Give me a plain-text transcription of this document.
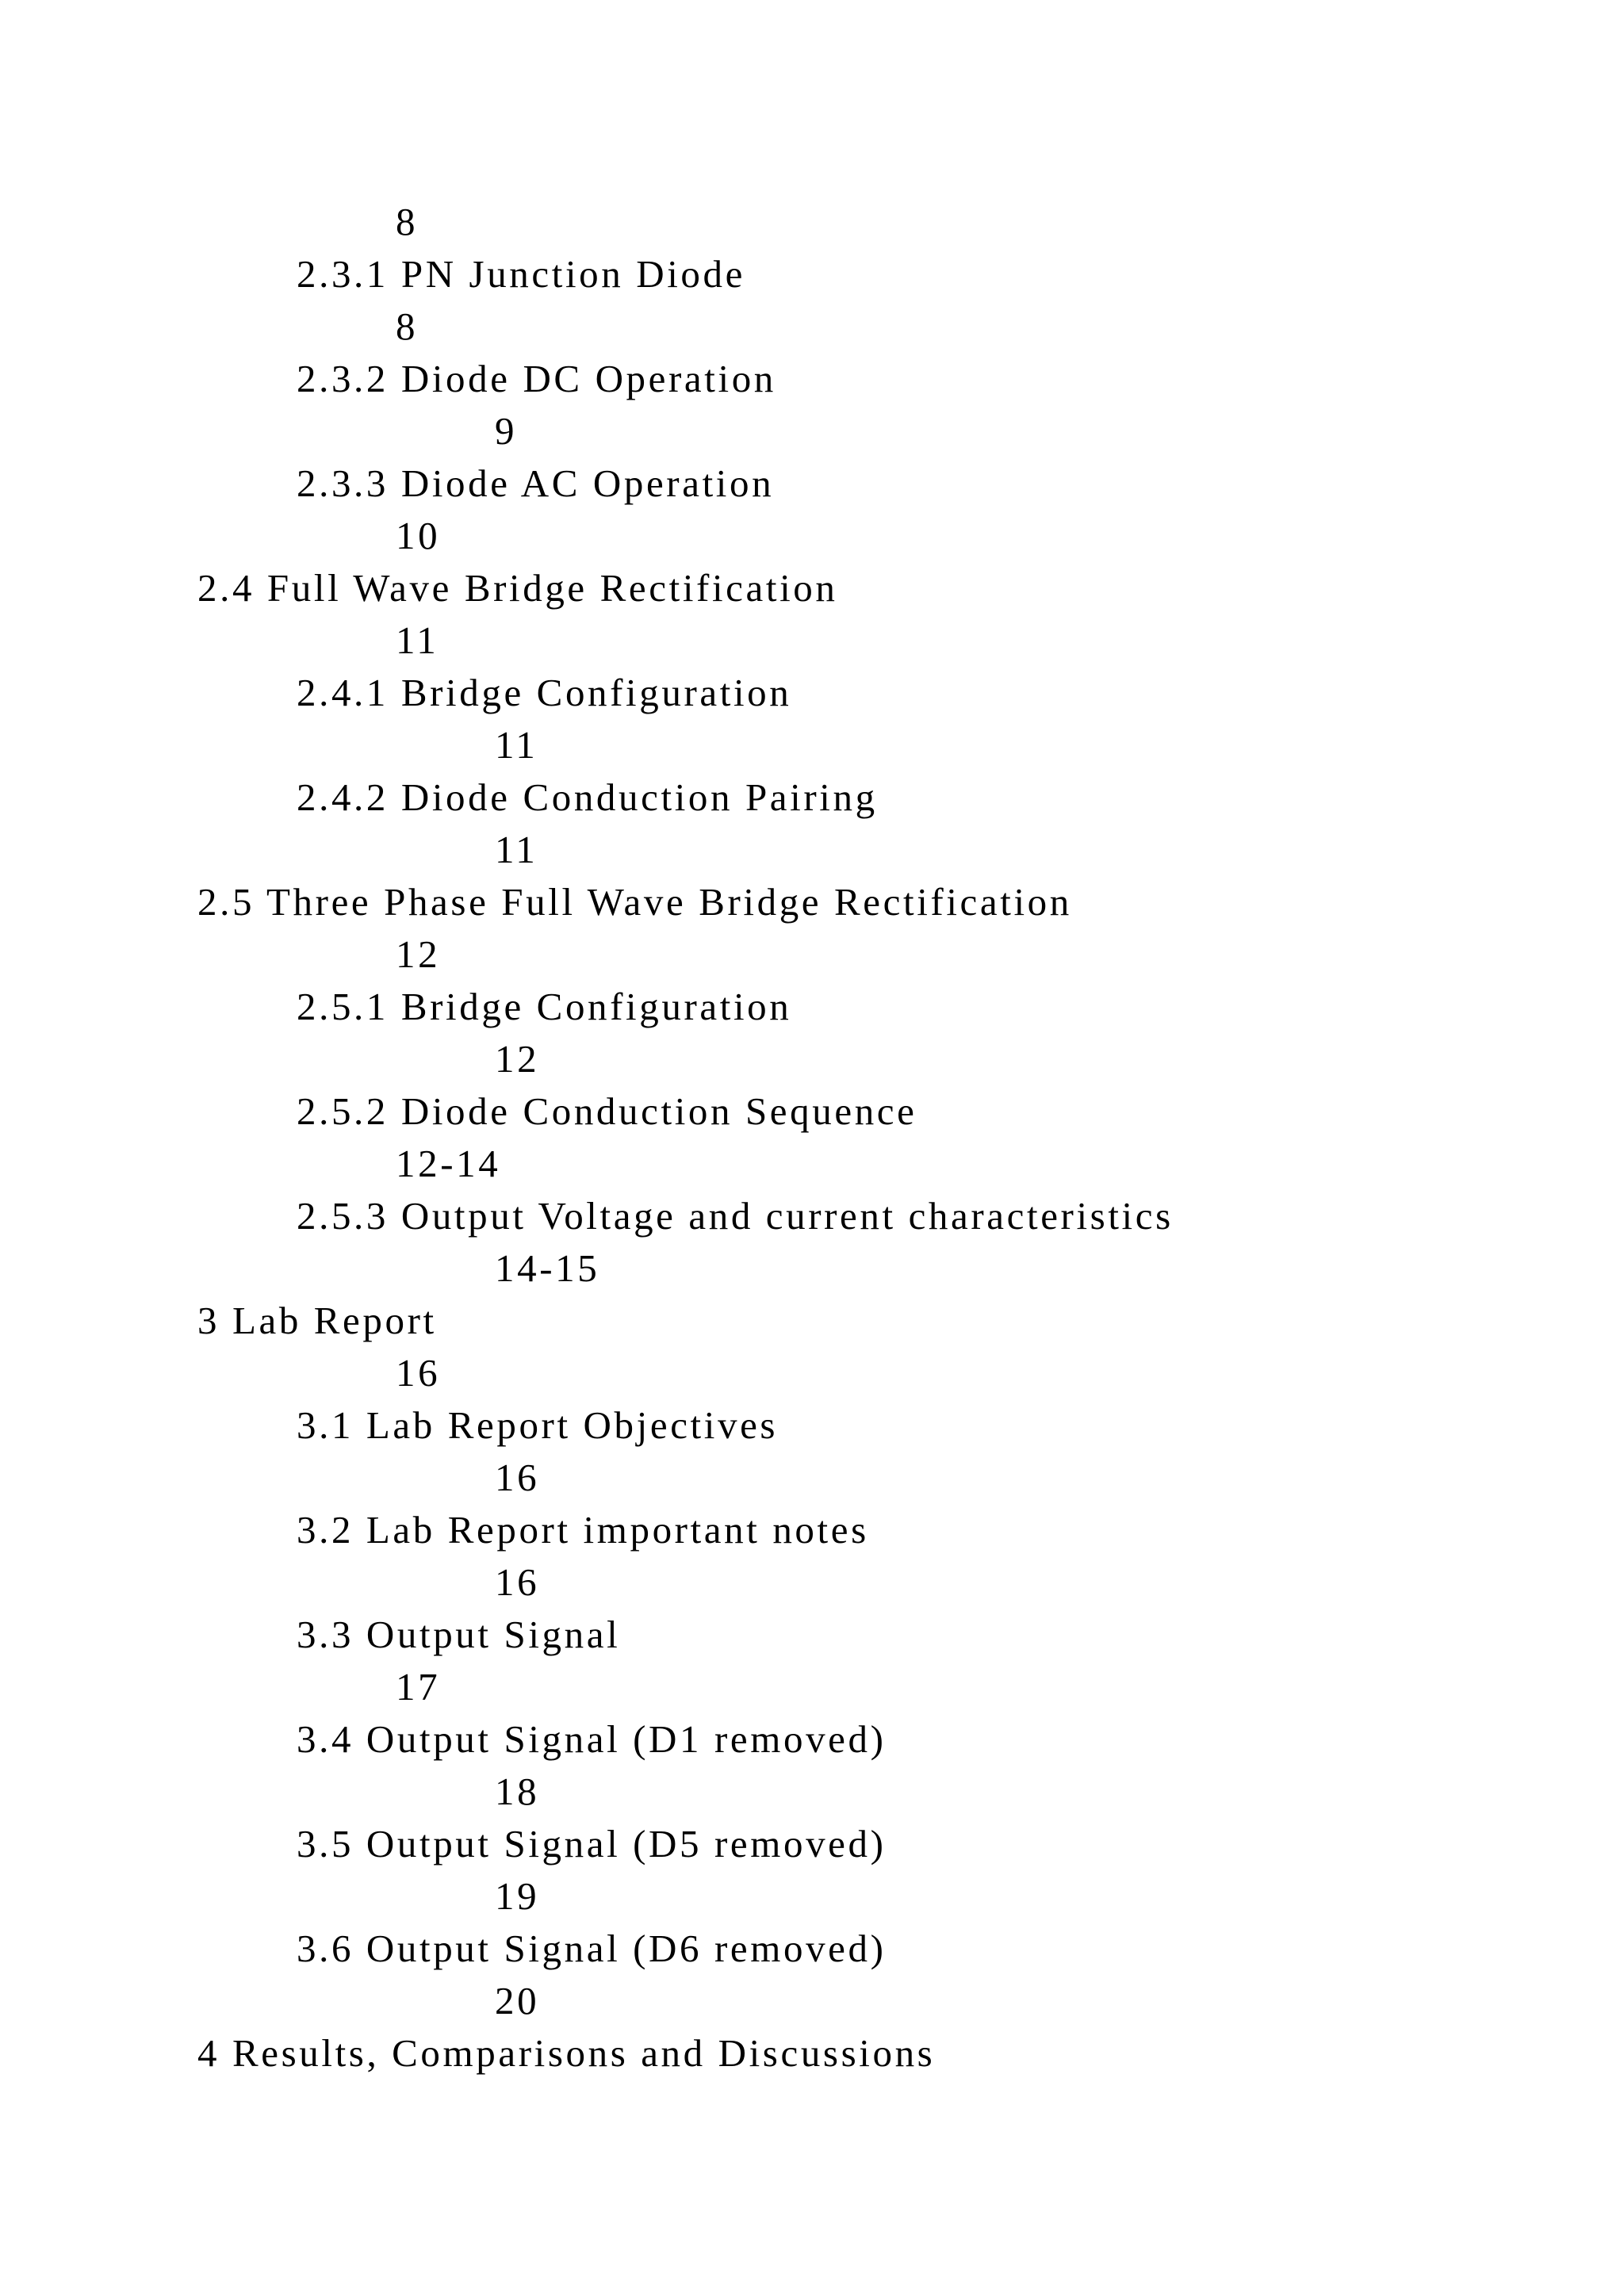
8

2.3.1 PN Junction Diode

8

2.3.2 Diode DC Operation

9

2.3.3 Diode AC Operation

10

2.4 Full Wave Bridge Rectification

11

2.4.1 Bridge Configuration

11

2.4.2 Diode Conduction Pairing

11

2.5 Three Phase Full Wave Bridge Rectification

12

2.5.1 Bridge Configuration

12

2.5.2 Diode Conduction Sequence

12-14

2.5.3 Output Voltage and current characteristics

14-15

3 Lab Report

16

3.1 Lab Report Objectives

16

3.2 Lab Report important notes

16

3.3 Output Signal

17

3.4 Output Signal (D1 removed)

18

3.5 Output Signal (D5 removed)

19

3.6 Output Signal (D6 removed)

20

4 Results, Comparisons and Discussions
